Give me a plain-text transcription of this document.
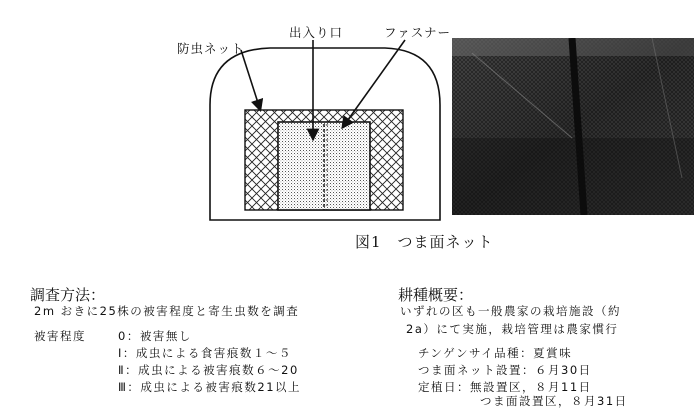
防虫ネット
出入り口	ファスナー
図1　つま面ネット
調査方法：
2m おきに25株の被害程度と寄生虫数を調査
被害程度	0：被害無し
Ⅰ：成虫による食害痕数１～５
Ⅱ：成虫による被害痕数６～20
Ⅲ：成虫による被害痕数21以上
耕種概要：
いずれの区も一般農家の栽培施設（約
2a）にて実施，栽培管理は農家慣行
チンゲンサイ品種：夏賞味
つま面ネット設置：６月30日
定植日：無設置区，８月11日
つま面設置区，８月31日
